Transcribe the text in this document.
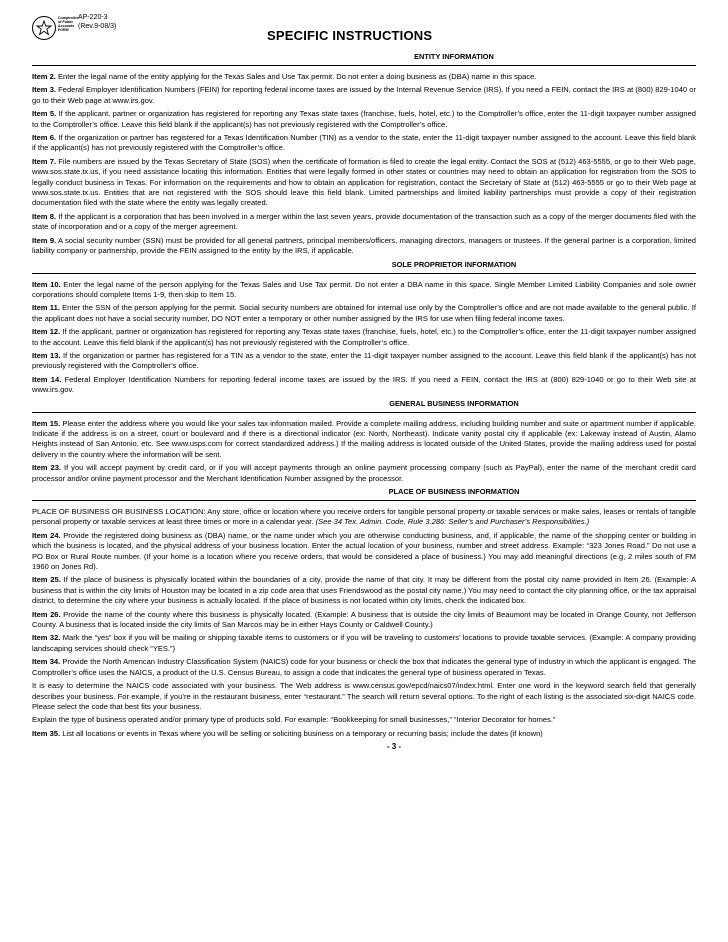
Comptroller
of Public
Accounts
FORM
AP-220-3
(Rev.9-08/3)
SPECIFIC INSTRUCTIONS
ENTITY INFORMATION

Item 2. Enter the legal name of the entity applying for the Texas Sales and Use Tax permit. Do not enter a doing business as (DBA) name in this space.

Item 3. Federal Employer Identification Numbers (FEIN) for reporting federal income taxes are issued by the Internal Revenue Service (IRS). If you need a FEIN, contact the IRS at (800) 829-1040 or go to their Web page at www.irs.gov.

Item 5. If the applicant, partner or organization has registered for reporting any Texas state taxes (franchise, fuels, hotel, etc.) to the Comptroller’s office, enter the 11-digit taxpayer number assigned to the Comptroller’s office. Leave this field blank if the applicant(s) has not previously registered with the Comptroller’s office.

Item 6. If the organization or partner has registered for a Texas Identification Number (TIN) as a vendor to the state, enter the 11-digit taxpayer number assigned to the account. Leave this field blank if the applicant(s) has not previously registered with the Comptroller’s office.

Item 7. File numbers are issued by the Texas Secretary of State (SOS) when the certificate of formation is filed to create the legal entity. Contact the SOS at (512) 463-5555, or go to their Web page, www.sos.state.tx.us, if you need assistance locating this information. Entities that were legally formed in other states or countries may need to obtain an application for registration from the SOS to legally conduct business in Texas. For information on the requirements and how to obtain an application for registration, contact the Secretary of State at (512) 463-5555 or go to their Web page at www.sos.state.tx.us. Entities that are not registered with the SOS should leave this field blank. Limited partnerships and limited liability partnerships must provide a copy of their registration documentation filed with the state where the entity was legally created.

Item 8. If the applicant is a corporation that has been involved in a merger within the last seven years, provide documentation of the transaction such as a copy of the merger documents filed with the state of incorporation and or a copy of the merger agreement.

Item 9. A social security number (SSN) must be provided for all general partners, principal members/officers, managing directors, managers or trustees. If the general partner is a corporation, limited liability company or partnership, provide the FEIN assigned to the entity by the IRS, if applicable.

SOLE PROPRIETOR INFORMATION

Item 10. Enter the legal name of the person applying for the Texas Sales and Use Tax permit. Do not enter a DBA name in this space. Single Member Limited Liability Companies and sole owner corporations should complete Items 1-9, then skip to Item 15.

Item 11. Enter the SSN of the person applying for the permit. Social security numbers are obtained for internal use only by the Comptroller’s office and are not made available to the general public. If the applicant does not have a social security number, DO NOT enter a temporary or other number assigned by the IRS for use when filing federal income taxes.

Item 12. If the applicant, partner or organization has registered for reporting any Texas state taxes (franchise, fuels, hotel, etc.) to the Comptroller’s office, enter the 11-digit taxpayer number assigned to the account. Leave this field blank if the applicant(s) has not previously registered with the Comptroller’s office.

Item 13. If the organization or partner has registered for a TIN as a vendor to the state, enter the 11-digit taxpayer number assigned to the account. Leave this field blank if the applicant(s) has not previously registered with the Comptroller’s office.

Item 14. Federal Employer Identification Numbers for reporting federal income taxes are issued by the IRS. If you need a FEIN, contact the IRS at (800) 829-1040 or go to their Web site at www.irs.gov.

GENERAL BUSINESS INFORMATION

Item 15. Please enter the address where you would like your sales tax information mailed. Provide a complete mailing address, including building number and suite or apartment number if applicable. Indicate if the address is on a street, court or boulevard and if there is a directional indicator (ex: North, Northeast). Indicate vanity postal city if applicable (ex: Lakeway instead of Austin, Alamo Heights instead of San Antonio, etc. See www.usps.com for correct standardized address.) If the mailing address is located outside of the United States, provide the mailing address used for postal delivery in the country where the information will be sent.

Item 23. If you will accept payment by credit card, or if you will accept payments through an online payment processing company (such as PayPal), enter the name of the merchant credit card processor and/or online payment processor and the Merchant Identification Number assigned by the processor.

PLACE OF BUSINESS INFORMATION

PLACE OF BUSINESS OR BUSINESS LOCATION: Any store, office or location where you receive orders for tangible personal property or taxable services or make sales, leases or rentals of tangible personal property or taxable services at least three times or more in a calendar year. (See 34 Tex. Admin. Code, Rule 3.286: Seller’s and Purchaser’s Responsibilities.)

Item 24. Provide the registered doing business as (DBA) name, or the name under which you are otherwise conducting business, and, if applicable, the name of the shopping center or building in which the business is located, and the physical address of your business location. Enter the actual location of your business, number and street address. Example: “323 Jones Road.” Do not use a PO Box or Rural Route number. (If your home is a location where you receive orders, that would be considered a place of business.) You may add meaningful directions (e.g, 2 miles south of FM 1960 on Jones Rd).

Item 25. If the place of business is physically located within the boundaries of a city, provide the name of that city. It may be different from the postal city name provided in Item 26. (Example: A business that is within the city limits of Houston may be located in a zip code area that uses Friendswood as the postal city name.) You may need to contact the city planning office, or the tax appraisal district, to determine the city where your business is actually located. If the place of business is not located within city limits, check the indicated box.

Item 26. Provide the name of the county where this business is physically located. (Example: A business that is outside the city limits of Beaumont may be located in Orange County, not Jefferson County. A business that is located inside the city limits of San Marcos may be in either Hays County or Caldwell County.)

Item 32. Mark the “yes” box if you will be mailing or shipping taxable items to customers or if you will be traveling to customers’ locations to provide taxable services. (Example: A company providing landscaping services should check “YES.”)

Item 34. Provide the North American Industry Classification System (NAICS) code for your business or check the box that indicates the general type of industry in which the applicant is engaged. The Comptroller’s office uses the NAICS, a product of the U.S. Census Bureau, to assign a code that indicates the general type of business operated in Texas.

It is easy to determine the NAICS code associated with your business. The Web address is www.census.gov/epcd/naics07/index.html. Enter one word in the keyword search field that generally describes your business. For example, if you’re in the restaurant business, enter “restaurant.” The search will return several options. To the right of each listing is the associated six-digit NAICS code. Please select the code that best fits your business.

Explain the type of business operated and/or primary type of products sold. For example: “Bookkeeping for small businesses,” “Interior Decorator for homes.”

Item 35. List all locations or events in Texas where you will be selling or soliciting business on a temporary or recurring basis; include the dates (if known)

- 3 -
